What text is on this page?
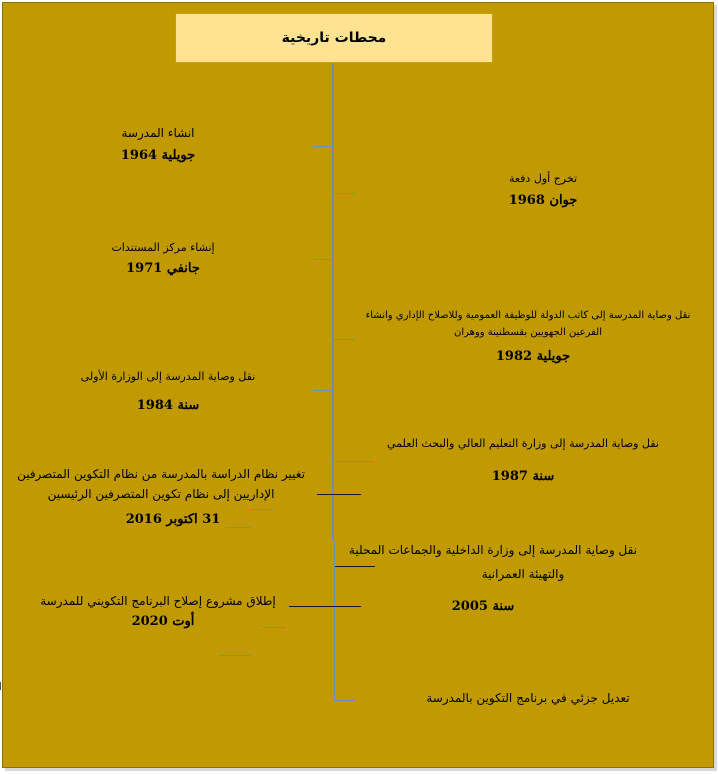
محطات تاريخية
انشاء المدرسة
جويلية 1964
تخرج أول دفعة
جوان 1968
إنشاء مركز المستندات
جانفي 1971
نقل وصاية المدرسة إلى كاتب الدولة للوظيفة العمومية وللاصلاح الإداري وانشاء
الفرعين الجهويين بقسطنينة ووهران
جويلية 1982
نقل وصاية المدرسة إلى الوزارة الأولى
سنة 1984
نقل وصاية المدرسة إلى وزارة التعليم العالي والبحث العلمي
سنة 1987
تغيير نظام الدراسة بالمدرسة من نظام التكوين المتصرفين
الإداريين إلى نظام تكوين المتصرفين الرئيسين
31 اكتوبر 2016
نقل وصاية المدرسة إلى وزارة الداخلية والجماعات المحلية
والتهيئة العمرانية
سنة 2005
إطلاق مشروع إصلاح البرنامج التكويني للمدرسة
أوت 2020
تعديل جزئي في برنامج التكوين بالمدرسة
